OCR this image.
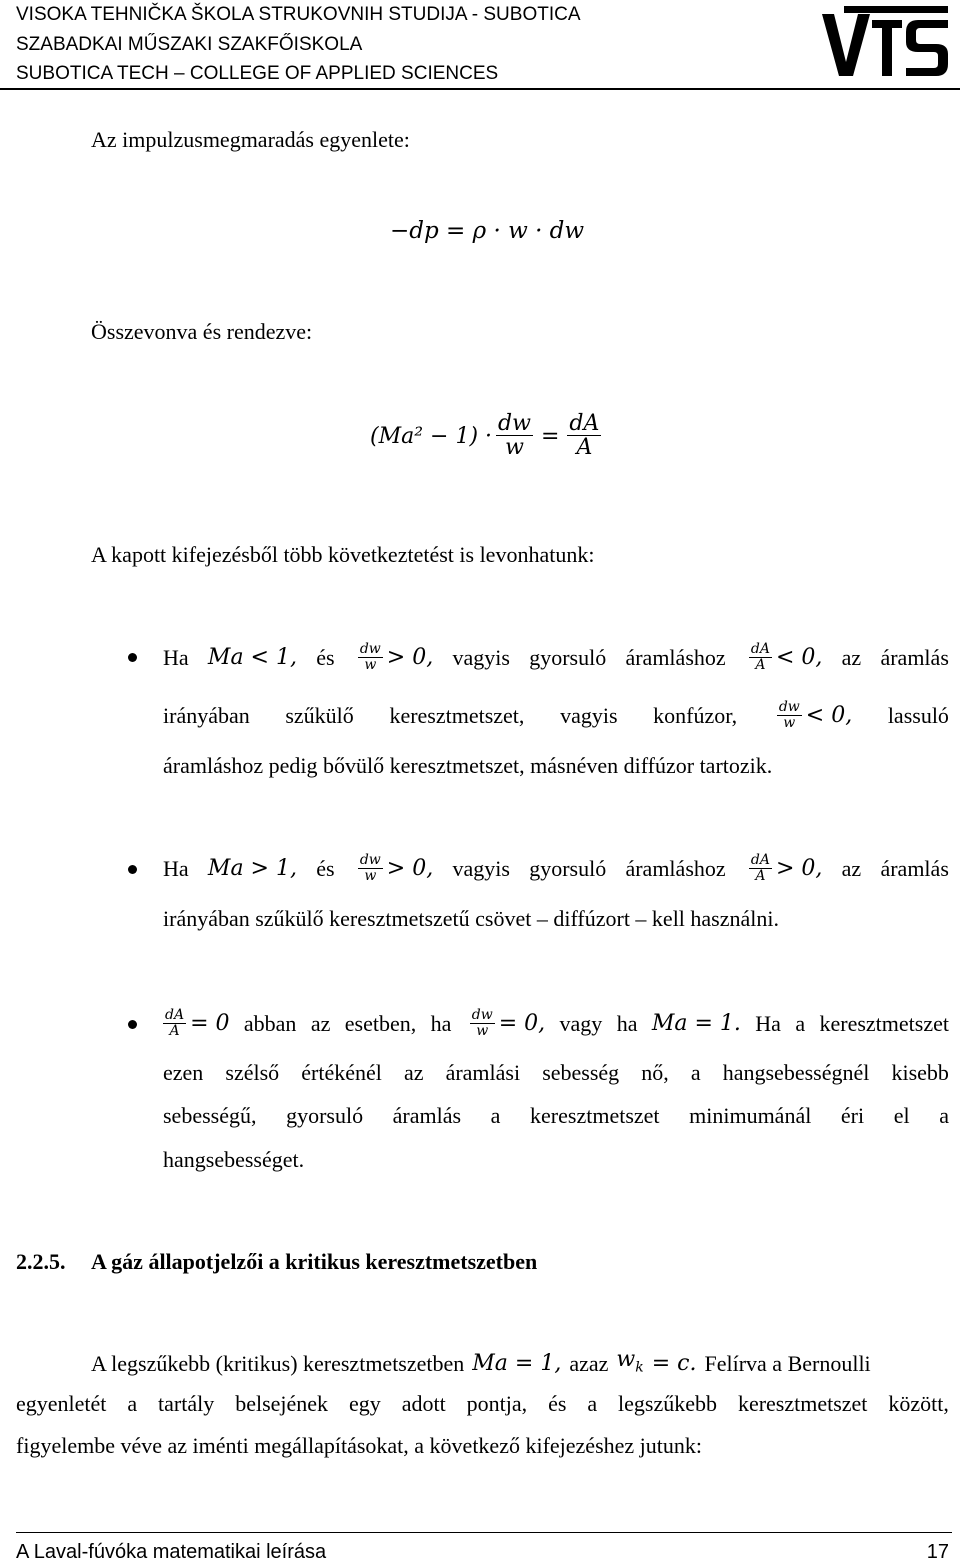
VISOKA TEHNIČKA ŠKOLA STRUKOVNIH STUDIJA - SUBOTICA
SZABADKAI MŰSZAKI SZAKFŐISKOLA
SUBOTICA TECH – COLLEGE OF APPLIED SCIENCES
Az impulzusmegmaradás egyenlete:
−dp = ρ · w · dw
Összevonva és rendezve:
$(Ma^2 - 1) \cdot \frac{dw}{w} = \frac{dA}{A}$
A kapott kifejezésből több következtetést is levonhatunk:
Ha Ma < 1, és $\frac{dw}{w} > 0$, vagyis gyorsuló áramláshoz $\frac{dA}{A} < 0$, az áramlás
irányában szűkülő keresztmetszet, vagyis konfúzor,	$\frac{dw}{w} < 0$, lassuló
áramláshoz pedig bővülő keresztmetszet, másnéven diffúzor tartozik.
Ha Ma > 1, és $\frac{dw}{w} > 0$, vagyis gyorsuló áramláshoz $\frac{dA}{A} > 0$, az áramlás
irányában szűkülő keresztmetszetű csövet – diffúzort – kell használni.
$\frac{dA}{A} = 0$ abban az esetben, ha $\frac{dw}{w} = 0$, vagy ha Ma = 1. Ha a keresztmetszet
ezen szélső értékénél az áramlási sebesség nő, a hangsebességnél kisebb
sebességű, gyorsuló áramlás a keresztmetszet minimumánál éri el a
hangsebességet.
2.2.5. A gáz állapotjelzői a kritikus keresztmetszetben
A legszűkebb (kritikus) keresztmetszetben Ma = 1, azaz $w_k = c$. Felírva a Bernoulli
egyenletét a tartály belsejének egy adott pontja, és a legszűkebb keresztmetszet között,
figyelembe véve az iménti megállapításokat, a következő kifejezéshez jutunk:
A Laval-fúvóka matematikai leírása	17
